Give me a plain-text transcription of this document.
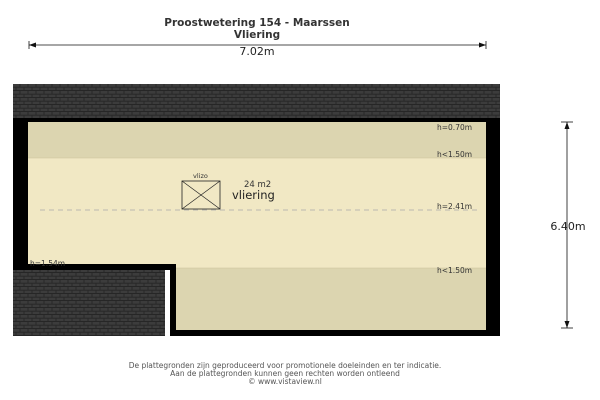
Proostwetering 154 - Maarssen
Vliering
7.02m
6.40m
h=0.70m
h<1.50m
h=2.41m
h<1.50m
h=1.54m
vlizo
24 m2
vliering
De plattegronden zijn geproduceerd voor promotionele doeleinden en ter indicatie.
Aan de plattegronden kunnen geen rechten worden ontleend
© www.vistaview.nl
